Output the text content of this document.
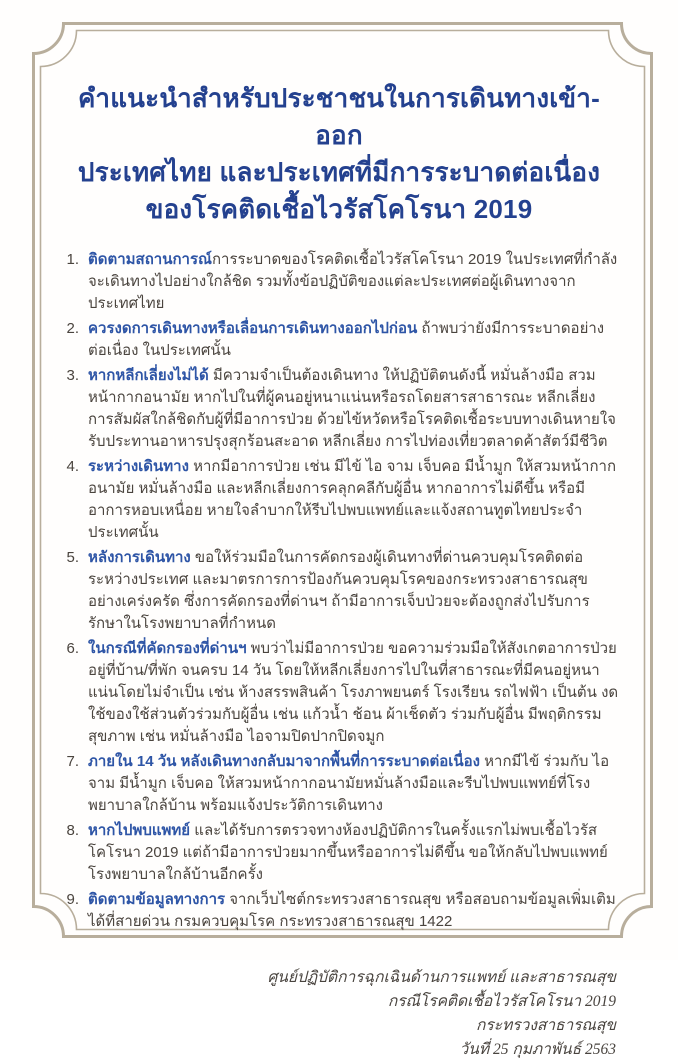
คำแนะนำสำหรับประชาชนในการเดินทางเข้า-ออก
ประเทศไทย และประเทศที่มีการระบาดต่อเนื่อง
ของโรคติดเชื้อไวรัสโคโรนา 2019
1. ติดตามสถานการณ์การระบาดของโรคติดเชื้อไวรัสโคโรนา 2019 ในประเทศที่กำลังจะเดินทางไปอย่างใกล้ชิด รวมทั้งข้อปฏิบัติของแต่ละประเทศต่อผู้เดินทางจากประเทศไทย
2. ควรงดการเดินทางหรือเลื่อนการเดินทางออกไปก่อน ถ้าพบว่ายังมีการระบาดอย่างต่อเนื่อง ในประเทศนั้น
3. หากหลีกเลี่ยงไม่ได้ มีความจำเป็นต้องเดินทาง ให้ปฏิบัติตนดังนี้ หมั่นล้างมือ สวมหน้ากากอนามัย หากไปในที่ผู้คนอยู่หนาแน่นหรือรถโดยสารสาธารณะ หลีกเลี่ยงการสัมผัสใกล้ชิดกับผู้ที่มีอาการป่วย ด้วยไข้หวัดหรือโรคติดเชื้อระบบทางเดินหายใจ รับประทานอาหารปรุงสุกร้อนสะอาด หลีกเลี่ยง การไปท่องเที่ยวตลาดค้าสัตว์มีชีวิต
4. ระหว่างเดินทาง หากมีอาการป่วย เช่น มีไข้ ไอ จาม เจ็บคอ มีน้ำมูก ให้สวมหน้ากากอนามัย หมั่นล้างมือ และหลีกเลี่ยงการคลุกคลีกับผู้อื่น หากอาการไม่ดีขึ้น หรือมีอาการหอบเหนื่อย หายใจลำบากให้รีบไปพบแพทย์และแจ้งสถานทูตไทยประจำประเทศนั้น
5. หลังการเดินทาง ขอให้ร่วมมือในการคัดกรองผู้เดินทางที่ด่านควบคุมโรคติดต่อระหว่างประเทศ และมาตรการการป้องกันควบคุมโรคของกระทรวงสาธารณสุขอย่างเคร่งครัด ซึ่งการคัดกรองที่ด่านฯ ถ้ามีอาการเจ็บป่วยจะต้องถูกส่งไปรับการรักษาในโรงพยาบาลที่กำหนด
6. ในกรณีที่คัดกรองที่ด่านฯ พบว่าไม่มีอาการป่วย ขอความร่วมมือให้สังเกตอาการป่วยอยู่ที่บ้าน/ที่พัก จนครบ 14 วัน โดยให้หลีกเลี่ยงการไปในที่สาธารณะที่มีคนอยู่หนาแน่นโดยไม่จำเป็น เช่น ห้างสรรพสินค้า โรงภาพยนตร์ โรงเรียน รถไฟฟ้า เป็นต้น งดใช้ของใช้ส่วนตัวร่วมกับผู้อื่น เช่น แก้วน้ำ ช้อน ผ้าเช็ดตัว ร่วมกับผู้อื่น มีพฤติกรรมสุขภาพ เช่น หมั่นล้างมือ ไอจามปิดปากปิดจมูก
7. ภายใน 14 วัน หลังเดินทางกลับมาจากพื้นที่การระบาดต่อเนื่อง หากมีไข้ ร่วมกับ ไอ จาม มีน้ำมูก เจ็บคอ ให้สวมหน้ากากอนามัยหมั่นล้างมือและรีบไปพบแพทย์ที่โรงพยาบาลใกล้บ้าน พร้อมแจ้งประวัติการเดินทาง
8. หากไปพบแพทย์ และได้รับการตรวจทางห้องปฏิบัติการในครั้งแรกไม่พบเชื้อไวรัสโคโรนา 2019 แต่ถ้ามีอาการป่วยมากขึ้นหรืออาการไม่ดีขึ้น ขอให้กลับไปพบแพทย์โรงพยาบาลใกล้บ้านอีกครั้ง
9. ติดตามข้อมูลทางการ จากเว็บไซต์กระทรวงสาธารณสุข หรือสอบถามข้อมูลเพิ่มเติมได้ที่สายด่วน กรมควบคุมโรค กระทรวงสาธารณสุข 1422
ศูนย์ปฏิบัติการฉุกเฉินด้านการแพทย์ และสาธารณสุข
กรณีโรคติดเชื้อไวรัสโคโรนา 2019
กระทรวงสาธารณสุข
วันที่ 25 กุมภาพันธ์ 2563
